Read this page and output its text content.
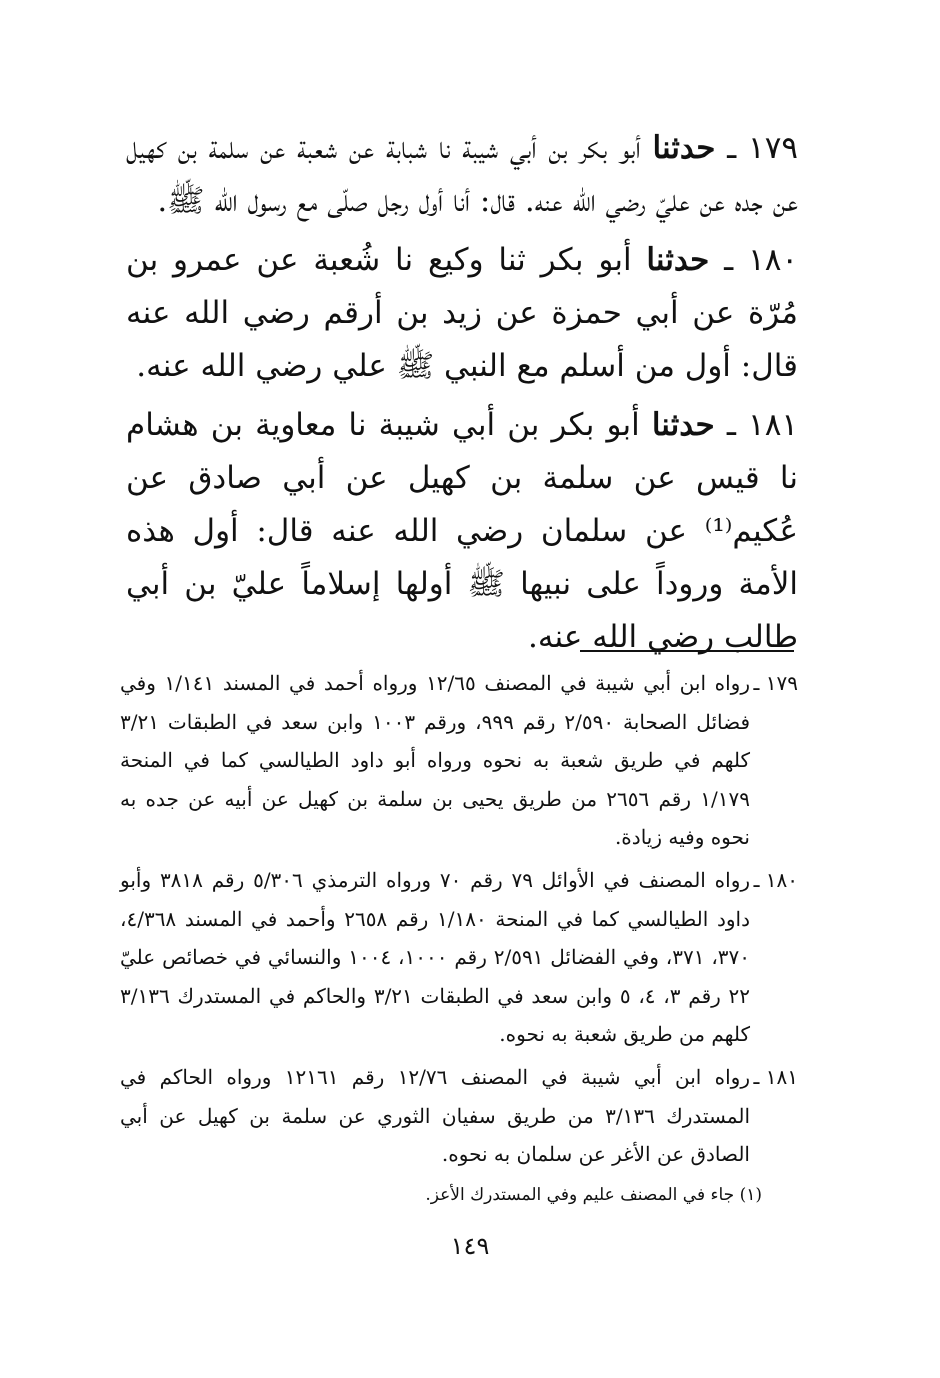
١٧٩ ـ حدثنا أبو بكر بن أبي شيبة نا شبابة عن شعبة عن سلمة بن كهيل عن جده عن عليّ رضي الله عنه. قال: أنا أول رجل صلّى مع رسول الله ﷺ.

١٨٠ ـ حدثنا أبو بكر ثنا وكيع نا شُعبة عن عمرو بن مُرّة عن أبي حمزة عن زيد بن أرقم رضي الله عنه قال: أول من أسلم مع النبي ﷺ علي رضي الله عنه.

١٨١ ـ حدثنا أبو بكر بن أبي شيبة نا معاوية بن هشام نا قيس عن سلمة بن كهيل عن أبي صادق عن عُكيم⁽¹⁾ عن سلمان رضي الله عنه قال: أول هذه الأمة وروداً على نبيها ﷺ أولها إسلاماً عليّ بن أبي طالب رضي الله عنه.

١٧٩ ـرواه ابن أبي شيبة في المصنف ١٢/٦٥ ورواه أحمد في المسند ١/١٤١ وفي فضائل الصحابة ٢/٥٩٠ رقم ٩٩٩، ورقم ١٠٠٣ وابن سعد في الطبقات ٣/٢١ كلهم في طريق شعبة به نحوه ورواه أبو داود الطيالسي كما في المنحة ١/١٧٩ رقم ٢٦٥٦ من طريق يحيى بن سلمة بن كهيل عن أبيه عن جده به نحوه وفيه زيادة.

١٨٠ ـرواه المصنف في الأوائل ٧٩ رقم ٧٠ ورواه الترمذي ٥/٣٠٦ رقم ٣٨١٨ وأبو داود الطيالسي كما في المنحة ١/١٨٠ رقم ٢٦٥٨ وأحمد في المسند ٤/٣٦٨، ٣٧٠، ٣٧١، وفي الفضائل ٢/٥٩١ رقم ١٠٠٠، ١٠٠٤ والنسائي في خصائص عليّ ٢٢ رقم ٣، ٤، ٥ وابن سعد في الطبقات ٣/٢١ والحاكم في المستدرك ٣/١٣٦ كلهم من طريق شعبة به نحوه.

١٨١ ـرواه ابن أبي شيبة في المصنف ١٢/٧٦ رقم ١٢١٦١ ورواه الحاكم في المستدرك ٣/١٣٦ من طريق سفيان الثوري عن سلمة بن كهيل عن أبي الصادق عن الأغر عن سلمان به نحوه.

(١) جاء في المصنف عليم وفي المستدرك الأعز.

١٤٩
